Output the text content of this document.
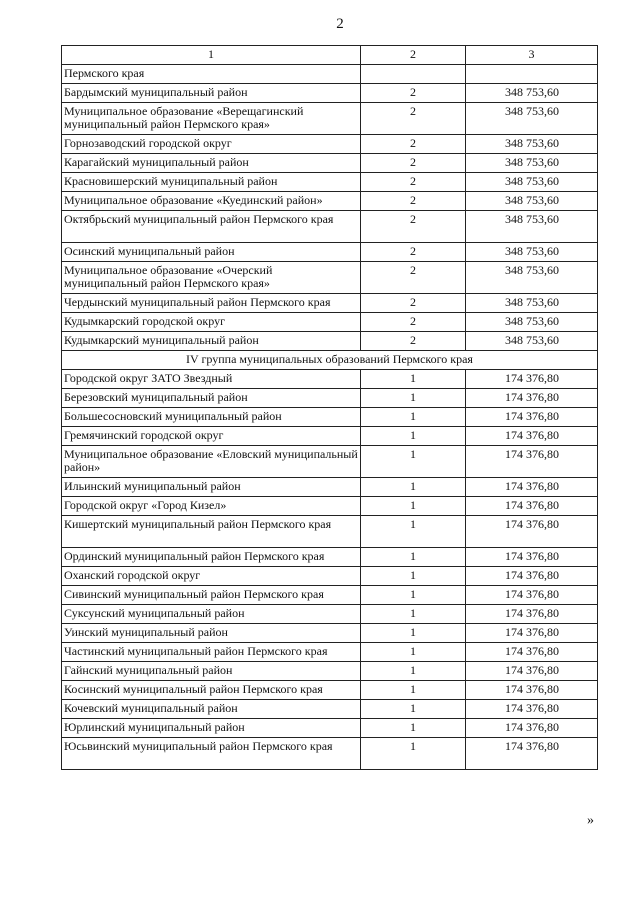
2
1	2	3
Пермского края		
Бардымский муниципальный район	2	348 753,60
Муниципальное образование «Верещагинский муниципальный район Пермского края»	2	348 753,60
Горнозаводский городской округ	2	348 753,60
Карагайский муниципальный район	2	348 753,60
Красновишерский муниципальный район	2	348 753,60
Муниципальное образование «Куединский район»	2	348 753,60
Октябрьский муниципальный район Пермского края	2	348 753,60
Осинский муниципальный район	2	348 753,60
Муниципальное образование «Очерский муниципальный район Пермского края»	2	348 753,60
Чердынский муниципальный район Пермского края	2	348 753,60
Кудымкарский городской округ	2	348 753,60
Кудымкарский муниципальный район	2	348 753,60
IV группа муниципальных образований Пермского края		
Городской округ ЗАТО Звездный	1	174 376,80
Березовский муниципальный район	1	174 376,80
Большесосновский муниципальный район	1	174 376,80
Гремячинский городской округ	1	174 376,80
Муниципальное образование «Еловский муниципальный район»	1	174 376,80
Ильинский муниципальный район	1	174 376,80
Городской округ «Город Кизел»	1	174 376,80
Кишертский муниципальный район Пермского края	1	174 376,80
Ординский муниципальный район Пермского края	1	174 376,80
Оханский городской округ	1	174 376,80
Сивинский муниципальный район Пермского края	1	174 376,80
Суксунский муниципальный район	1	174 376,80
Уинский муниципальный район	1	174 376,80
Частинский муниципальный район Пермского края	1	174 376,80
Гайнский муниципальный район	1	174 376,80
Косинский муниципальный район Пермского края	1	174 376,80
Кочевский муниципальный район	1	174 376,80
Юрлинский муниципальный район	1	174 376,80
Юсьвинский муниципальный район Пермского края	1	174 376,80
»
